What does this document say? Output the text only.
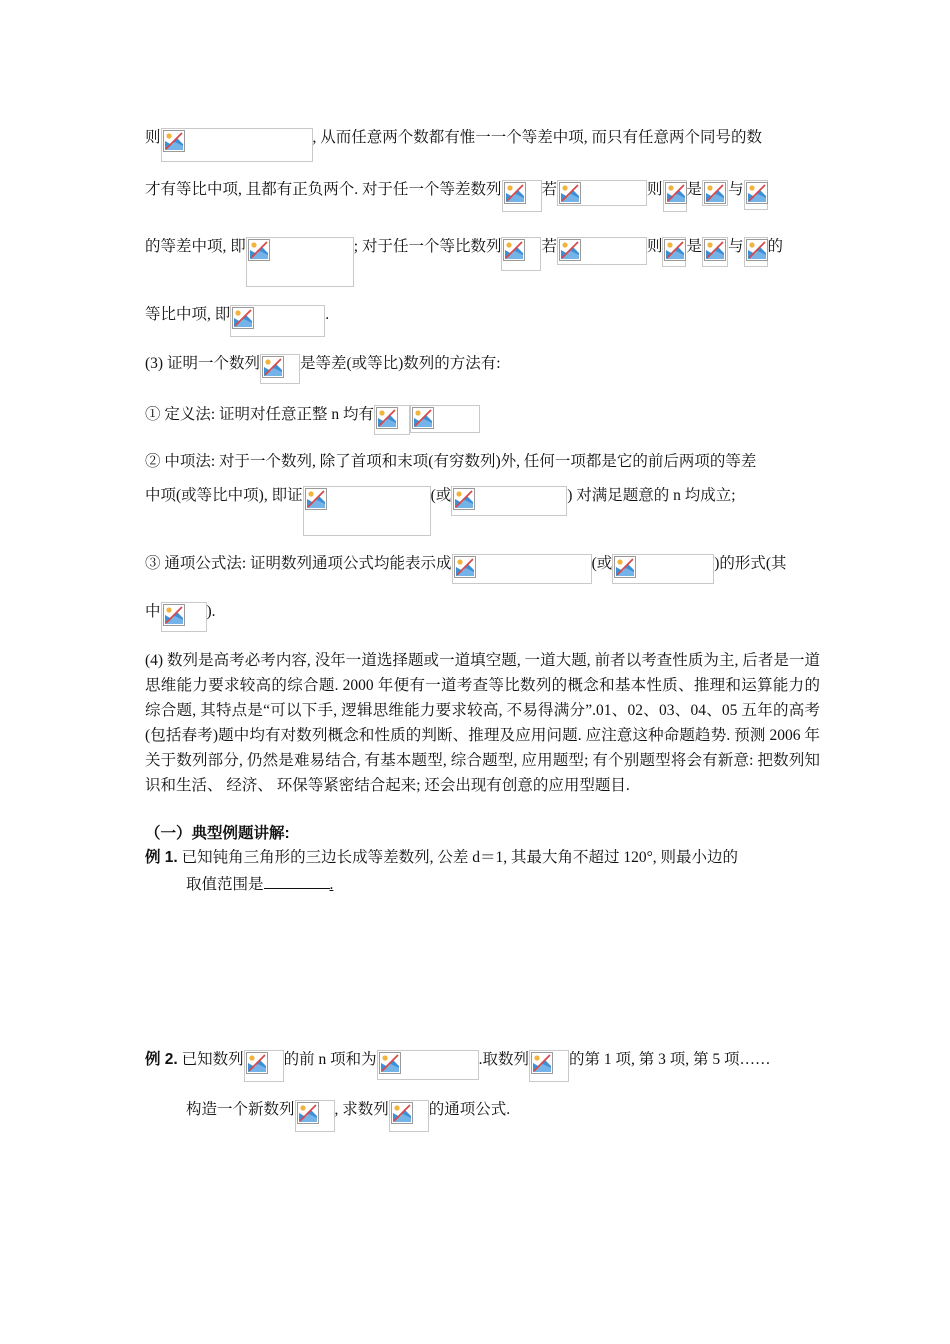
则	, 从而任意两个数都有惟一一个等差中项, 而只有任意两个同号的数
才有等比中项, 且都有正负两个. 对于任一个等差数列	若	则 是 与
的等差中项, 即	; 对于任一个等比数列	若	则 是 与 的
等比中项, 即	.
(3) 证明一个数列	是等差(或等比)数列的方法有:
① 定义法: 证明对任意正整 n 均有
② 中项法: 对于一个数列, 除了首项和末项(有穷数列)外, 任何一项都是它的前后两项的等差
中项(或等比中项), 即证	(或	) 对满足题意的 n 均成立;
③ 通项公式法: 证明数列通项公式均能表示成	(或	)的形式(其
中	).
(4) 数列是高考必考内容, 没年一道选择题或一道填空题, 一道大题, 前者以考查性质为主, 后者是一道思维能力要求较高的综合题. 2000 年便有一道考查等比数列的概念和基本性质、推理和运算能力的综合题, 其特点是“可以下手, 逻辑思维能力要求较高, 不易得满分”.01、02、03、04、05 五年的高考(包括春考)题中均有对数列概念和性质的判断、推理及应用问题. 应注意这种命题趋势. 预测 2006 年关于数列部分, 仍然是难易结合, 有基本题型, 综合题型, 应用题型; 有个别题型将会有新意: 把数列知识和生活、 经济、 环保等紧密结合起来; 还会出现有创意的应用型题目.
（一）典型例题讲解:
例 1. 已知钝角三角形的三边长成等差数列, 公差 d＝1, 其最大角不超过 120°, 则最小边的
取值范围是	.
例 2. 已知数列	的前 n 项和为	.取数列	的第 1 项, 第 3 项, 第 5 项……
构造一个新数列	, 求数列	的通项公式.
